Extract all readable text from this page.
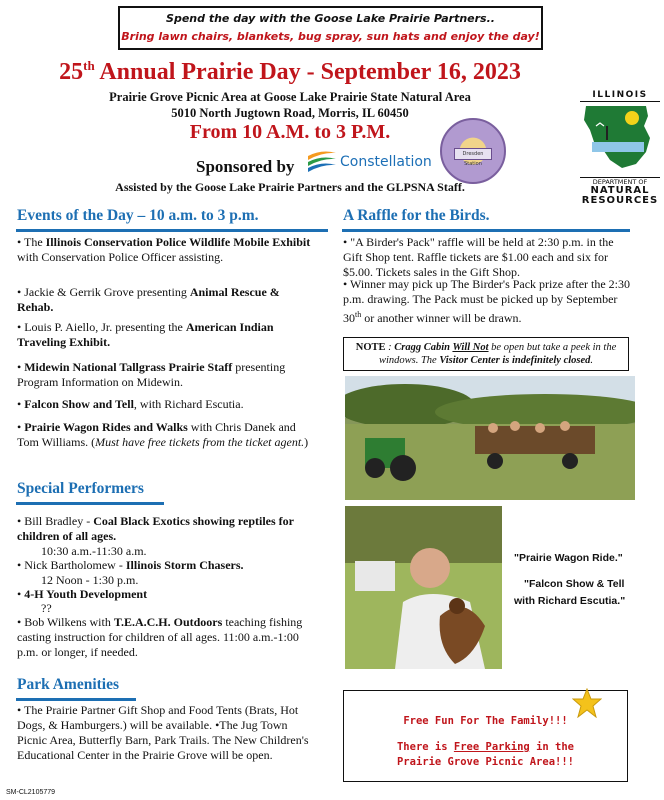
Spend the day with the Goose Lake Prairie Partners..
Bring lawn chairs, blankets, bug spray, sun hats and enjoy the day!
25th Annual Prairie Day - September 16, 2023
Prairie Grove Picnic Area at Goose Lake Prairie State Natural Area
5010 North Jugtown Road, Morris, IL 60450
From 10 A.M. to 3 P.M.
Sponsored by	Constellation	Dresden Station
Assisted by the Goose Lake Prairie Partners and the GLPSNA Staff.
ILLINOIS
DEPARTMENT OF
NATURAL
RESOURCES
Events of the Day – 10 a.m. to 3 p.m.
• The Illinois Conservation Police Wildlife Mobile Exhibit with Conservation Police Officer assisting.
• Jackie & Gerrik Grove presenting Animal Rescue & Rehab.
• Louis P. Aiello, Jr. presenting the American Indian Traveling Exhibit.
• Midewin National Tallgrass Prairie Staff presenting Program Information on Midewin.
• Falcon Show and Tell, with Richard Escutia.
• Prairie Wagon Rides and Walks with Chris Danek and Tom Williams. (Must have free tickets from the ticket agent.)
Special Performers
• Bill Bradley - Coal Black Exotics showing reptiles for children of all ages.
10:30 a.m.-11:30 a.m.
• Nick Bartholomew - Illinois Storm Chasers.
12 Noon - 1:30 p.m.
• 4-H Youth Development
??
• Bob Wilkens with T.E.A.C.H. Outdoors teaching fishing casting instruction for children of all ages. 11:00 a.m.-1:00 p.m. or longer, if needed.
Park Amenities
• The Prairie Partner Gift Shop and Food Tents (Brats, Hot Dogs, & Hamburgers.) will be available. •The Jug Town Picnic Area, Butterfly Barn, Park Trails. The New Children's Educational Center in the Prairie Grove will be open.
A Raffle for the Birds.
• "A Birder's Pack" raffle will be held at 2:30 p.m. in the Gift Shop tent. Raffle tickets are $1.00 each and six for $5.00. Tickets sales in the Gift Shop.
• Winner may pick up The Birder's Pack prize after the 2:30 p.m. drawing. The Pack must be picked up by September 30th or another winner will be drawn.
NOTE : Cragg Cabin Will Not be open but take a peek in the windows. The Visitor Center is indefinitely closed.
"Prairie Wagon Ride."
"Falcon Show & Tell
with Richard Escutia."
Free Fun For The Family!!!
There is Free Parking in the
Prairie Grove Picnic Area!!!
SM-CL2105779
